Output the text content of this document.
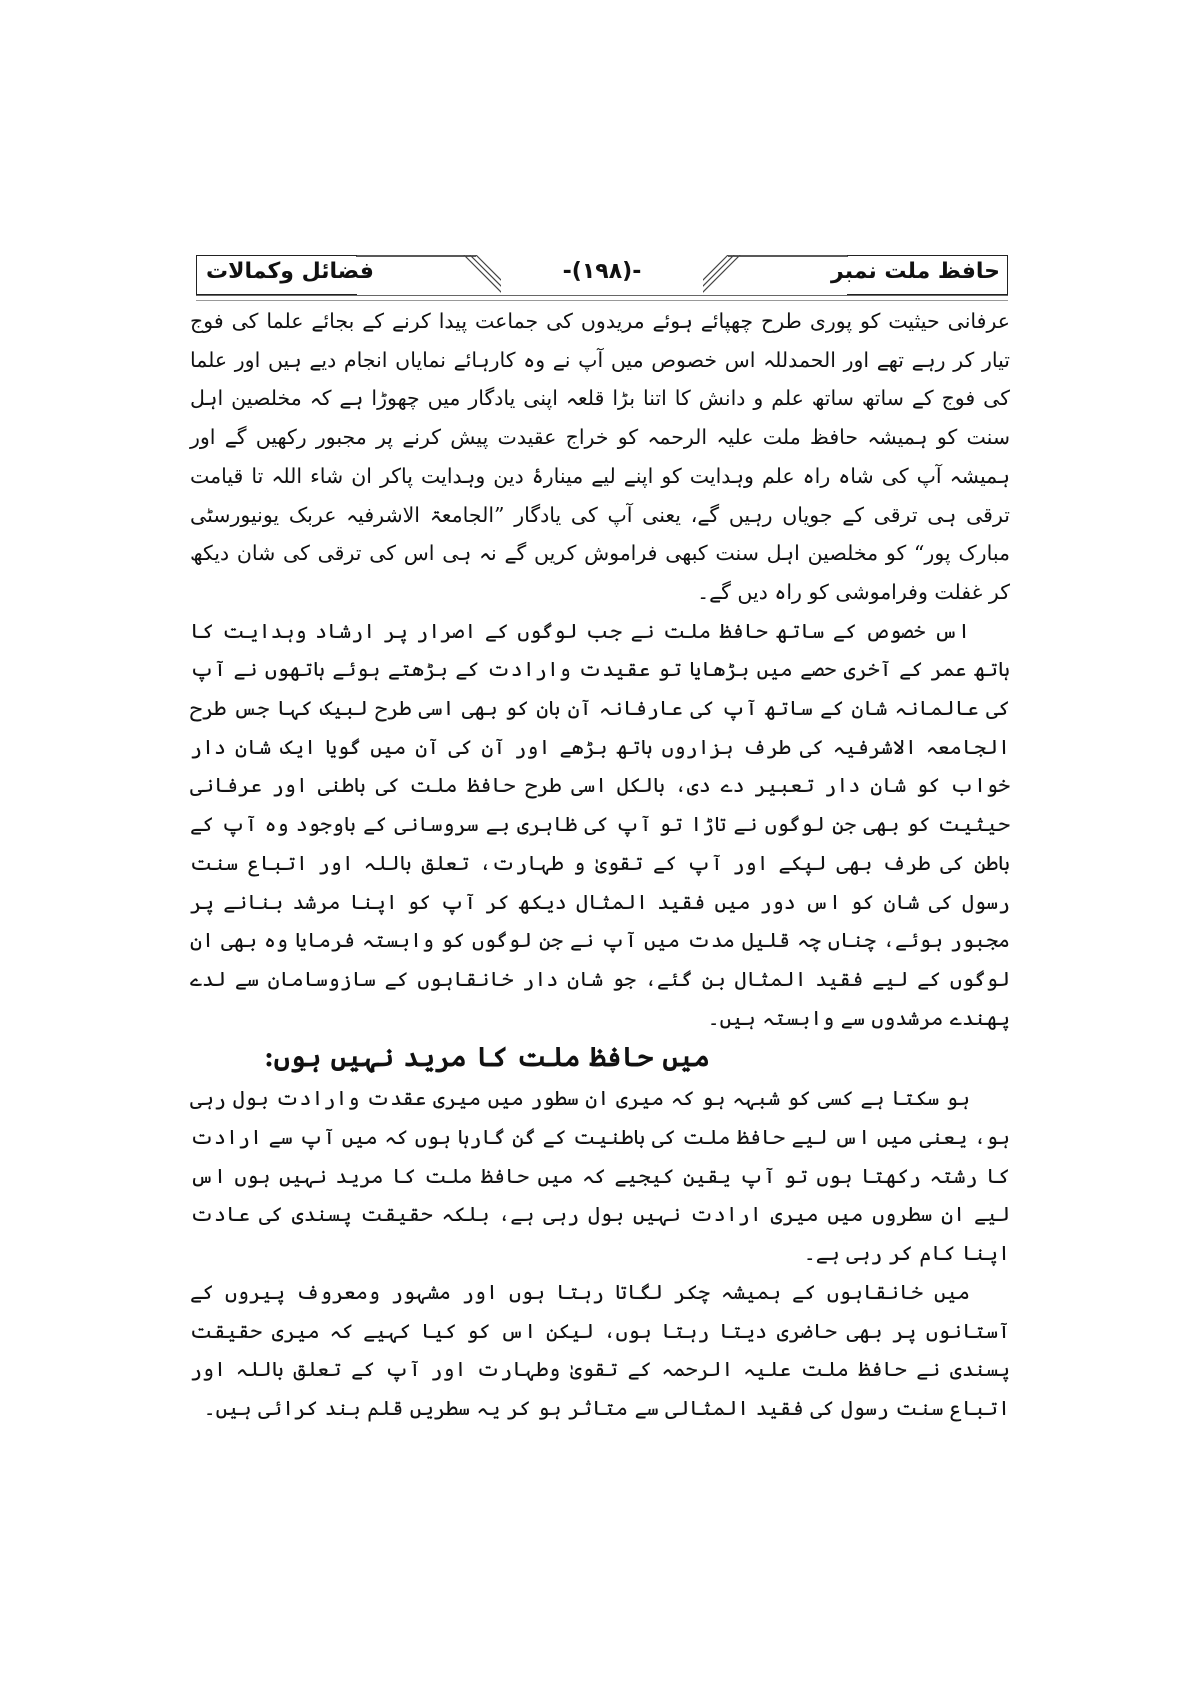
فضائل وکمالات	-(۱۹۸)-	حافظ ملت نمبر

عرفانی حیثیت کو پوری طرح چھپائے ہوئے مریدوں کی جماعت پیدا کرنے کے بجائے علما کی فوج تیار کر رہے تھے اور الحمدللہ اس خصوص میں آپ نے وہ کارہائے نمایاں انجام دیے ہیں اور علما کی فوج کے ساتھ ساتھ علم و دانش کا اتنا بڑا قلعہ اپنی یادگار میں چھوڑا ہے کہ مخلصین اہل سنت کو ہمیشہ حافظ ملت علیہ الرحمہ کو خراج عقیدت پیش کرنے پر مجبور رکھیں گے اور ہمیشہ آپ کی شاہ راہ علم وہدایت کو اپنے لیے مینارۂ دین وہدایت پاکر ان شاء اللہ تا قیامت ترقی ہی ترقی کے جویاں رہیں گے، یعنی آپ کی یادگار ”الجامعۃ الاشرفیہ عربک یونیورسٹی مبارک پور“ کو مخلصین اہل سنت کبھی فراموش کریں گے نہ ہی اس کی ترقی کی شان دیکھ کر غفلت وفراموشی کو راہ دیں گے۔

اس خصوص کے ساتھ حافظ ملت نے جب لوگوں کے اصرار پر ارشاد وہدایت کا ہاتھ عمر کے آخری حصے میں بڑھایا تو عقیدت وارادت کے بڑھتے ہوئے ہاتھوں نے آپ کی عالمانہ شان کے ساتھ آپ کی عارفانہ آن بان کو بھی اسی طرح لبیک کہا جس طرح الجامعہ الاشرفیہ کی طرف ہزاروں ہاتھ بڑھے اور آن کی آن میں گویا ایک شان دار خواب کو شان دار تعبیر دے دی، بالکل اسی طرح حافظ ملت کی باطنی اور عرفانی حیثیت کو بھی جن لوگوں نے تاڑا تو آپ کی ظاہری بے سروسانی کے باوجود وہ آپ کے باطن کی طرف بھی لپکے اور آپ کے تقویٰ و طہارت، تعلق باللہ اور اتباع سنت رسول کی شان کو اس دور میں فقید المثال دیکھ کر آپ کو اپنا مرشد بنانے پر مجبور ہوئے، چناں چہ قلیل مدت میں آپ نے جن لوگوں کو وابستہ فرمایا وہ بھی ان لوگوں کے لیے فقید المثال بن گئے، جو شان دار خانقاہوں کے سازوسامان سے لدے پھندے مرشدوں سے وابستہ ہیں۔

میں حافظ ملت کا مرید نہیں ہوں:

ہو سکتا ہے کسی کو شبہہ ہو کہ میری ان سطور میں میری عقدت وارادت بول رہی ہو، یعنی میں اس لیے حافظ ملت کی باطنیت کے گن گارہا ہوں کہ میں آپ سے ارادت کا رشتہ رکھتا ہوں تو آپ یقین کیجیے کہ میں حافظ ملت کا مرید نہیں ہوں اس لیے ان سطروں میں میری ارادت نہیں بول رہی ہے، بلکہ حقیقت پسندی کی عادت اپنا کام کر رہی ہے۔

میں خانقاہوں کے ہمیشہ چکر لگاتا رہتا ہوں اور مشہور ومعروف پیروں کے آستانوں پر بھی حاضری دیتا رہتا ہوں، لیکن اس کو کیا کہیے کہ میری حقیقت پسندی نے حافظ ملت علیہ الرحمہ کے تقویٰ وطہارت اور آپ کے تعلق باللہ اور اتباع سنت رسول کی فقید المثالی سے متاثر ہو کر یہ سطریں قلم بند کرائی ہیں۔
